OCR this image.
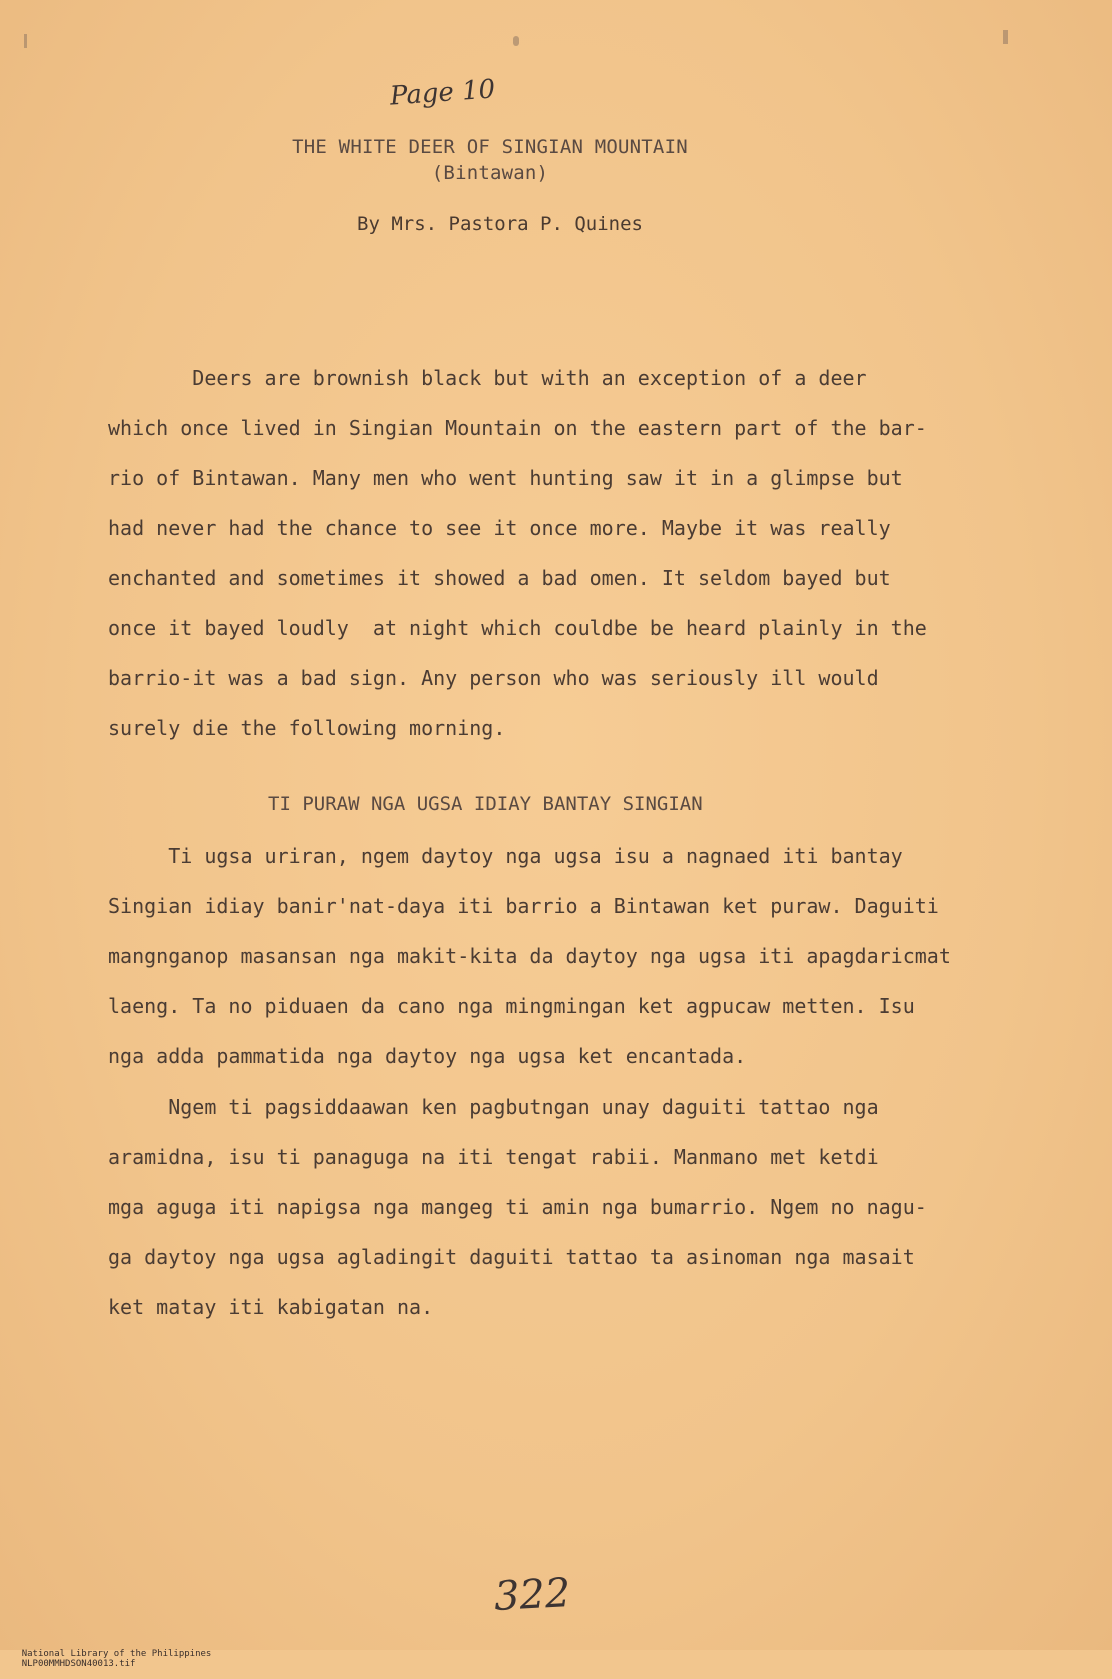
Page 10
THE WHITE DEER OF SINGIAN MOUNTAIN
(Bintawan)
By Mrs. Pastora P. Quines
Deers are brownish black but with an exception of a deer
which once lived in Singian Mountain on the eastern part of the bar-
rio of Bintawan. Many men who went hunting saw it in a glimpse but
had never had the chance to see it once more. Maybe it was really
enchanted and sometimes it showed a bad omen. It seldom bayed but
once it bayed loudly  at night which couldbe be heard plainly in the
barrio-it was a bad sign. Any person who was seriously ill would
surely die the following morning.
TI PURAW NGA UGSA IDIAY BANTAY SINGIAN
Ti ugsa uriran, ngem daytoy nga ugsa isu a nagnaed iti bantay
Singian idiay banir'nat-daya iti barrio a Bintawan ket puraw. Daguiti
mangnganop masansan nga makit-kita da daytoy nga ugsa iti apagdaricmat
laeng. Ta no piduaen da cano nga mingmingan ket agpucaw metten. Isu
nga adda pammatida nga daytoy nga ugsa ket encantada.
Ngem ti pagsiddaawan ken pagbutngan unay daguiti tattao nga
aramidna, isu ti panaguga na iti tengat rabii. Manmano met ketdi
mga aguga iti napigsa nga mangeg ti amin nga bumarrio. Ngem no nagu-
ga daytoy nga ugsa agladingit daguiti tattao ta asinoman nga masait
ket matay iti kabigatan na.
322

National Library of the Philippines
NLP00MMHDSON40013.tif
